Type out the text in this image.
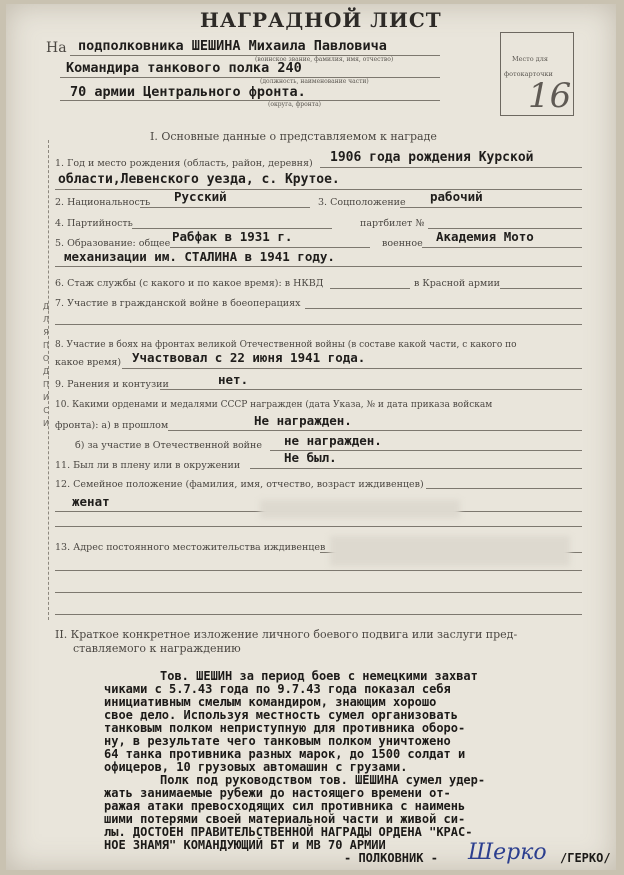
НАГРАДНОЙ ЛИСТ
На подполковника ШЕШИНА Михаила Павловича
(воинское звание, фамилия, имя, отчество)
Командира танкового полка 240
(должность, наименование части)
70 армии Центрального фронта.
(округа, фронта)
Место для
фотокарточки
16
Д
Л
Я
П
О
Д
П
И
С
И
I. Основные данные о представляемом к награде
1. Год и место рождения (область, район, деревня) 1906 года рождения Курской
области,Левенского уезда, с. Крутое.
2. Национальность Русский	3. Соцположение рабочий
4. Партийность	партбилет №
5. Образование: общее Рабфак в 1931 г.	военное Академия Мото
механизации им. СТАЛИНА в 1941 году.
6. Стаж службы (с какого и по какое время): в НКВД	в Красной армии
7. Участие в гражданской войне в боеоперациях
8. Участие в боях на фронтах великой Отечественной войны (в составе какой части, с какого по
какое время) Участвовал с 22 июня 1941 года.
9. Ранения и контузии	нет.
10. Какими орденами и медалями СССР награжден (дата Указа, № и дата приказа войскам
фронта): а) в прошлом	Не награжден.
б) за участие в Отечественной войне не награжден.
11. Был ли в плену или в окружении
Не был.
12. Семейное положение (фамилия, имя, отчество, возраст иждивенцев)
женат
13. Адрес постоянного местожительства иждивенцев
II. Краткое конкретное изложение личного боевого подвига или заслуги пред-
ставляемого к награждению
Тов. ШЕШИН за период боев с немецкими захват
чиками с 5.7.43 года по 9.7.43 года показал себя
инициативным смелым командиром, знающим хорошо
свое дело. Используя местность сумел организовать
танковым полком неприступную для противника оборо-
ну, в результате чего танковым полком уничтожено
64 танка противника разных марок, до 1500 солдат и
офицеров, 10 грузовых автомашин с грузами.
Полк под руководством тов. ШЕШИНА сумел удер-
жать занимаемые рубежи до настоящего времени от-
ражая атаки превосходящих сил противника с наимень
шими потерями своей материальной части и живой си-
лы. ДОСТОЕН ПРАВИТЕЛЬСТВЕННОЙ НАГРАДЫ ОРДЕНА "КРАС-
НОЕ ЗНАМЯ" КОМАНДУЮЩИЙ БТ и МВ 70 АРМИИ
- ПОЛКОВНИК - Шерко /ГЕРКО/
